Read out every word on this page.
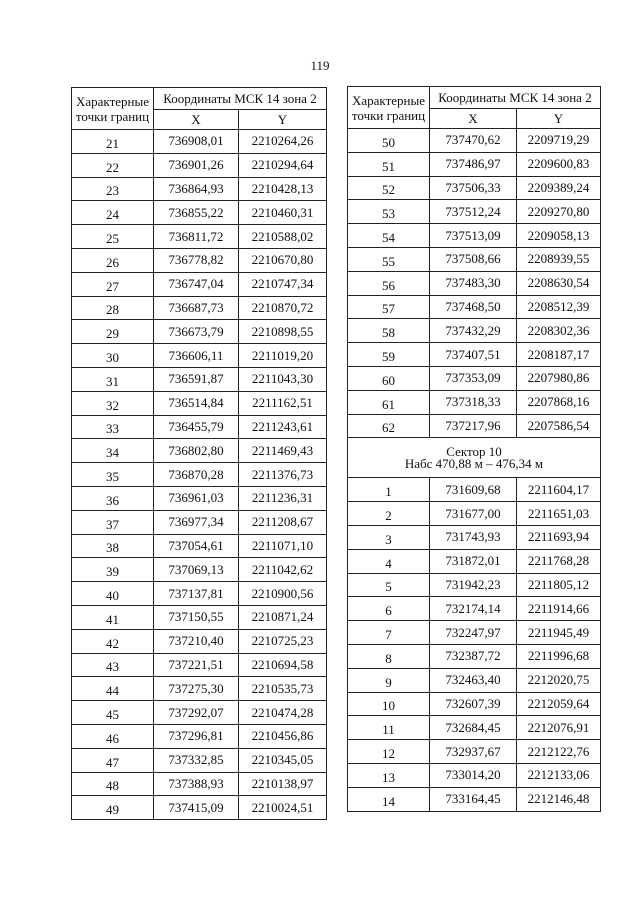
119
Характерные точки границ	Координаты МСК 14 зона 2	
	X	Y
21	736908,01	2210264,26
22	736901,26	2210294,64
23	736864,93	2210428,13
24	736855,22	2210460,31
25	736811,72	2210588,02
26	736778,82	2210670,80
27	736747,04	2210747,34
28	736687,73	2210870,72
29	736673,79	2210898,55
30	736606,11	2211019,20
31	736591,87	2211043,30
32	736514,84	2211162,51
33	736455,79	2211243,61
34	736802,80	2211469,43
35	736870,28	2211376,73
36	736961,03	2211236,31
37	736977,34	2211208,67
38	737054,61	2211071,10
39	737069,13	2211042,62
40	737137,81	2210900,56
41	737150,55	2210871,24
42	737210,40	2210725,23
43	737221,51	2210694,58
44	737275,30	2210535,73
45	737292,07	2210474,28
46	737296,81	2210456,86
47	737332,85	2210345,05
48	737388,93	2210138,97
49	737415,09	2210024,51
Характерные точки границ	Координаты МСК 14 зона 2	
	X	Y
50	737470,62	2209719,29
51	737486,97	2209600,83
52	737506,33	2209389,24
53	737512,24	2209270,80
54	737513,09	2209058,13
55	737508,66	2208939,55
56	737483,30	2208630,54
57	737468,50	2208512,39
58	737432,29	2208302,36
59	737407,51	2208187,17
60	737353,09	2207980,86
61	737318,33	2207868,16
62	737217,96	2207586,54

Сектор 10
Набс 470,88 м – 476,34 м		

1	731609,68	2211604,17
2	731677,00	2211651,03
3	731743,93	2211693,94
4	731872,01	2211768,28
5	731942,23	2211805,12
6	732174,14	2211914,66
7	732247,97	2211945,49
8	732387,72	2211996,68
9	732463,40	2212020,75
10	732607,39	2212059,64
11	732684,45	2212076,91
12	732937,67	2212122,76
13	733014,20	2212133,06
14	733164,45	2212146,48
